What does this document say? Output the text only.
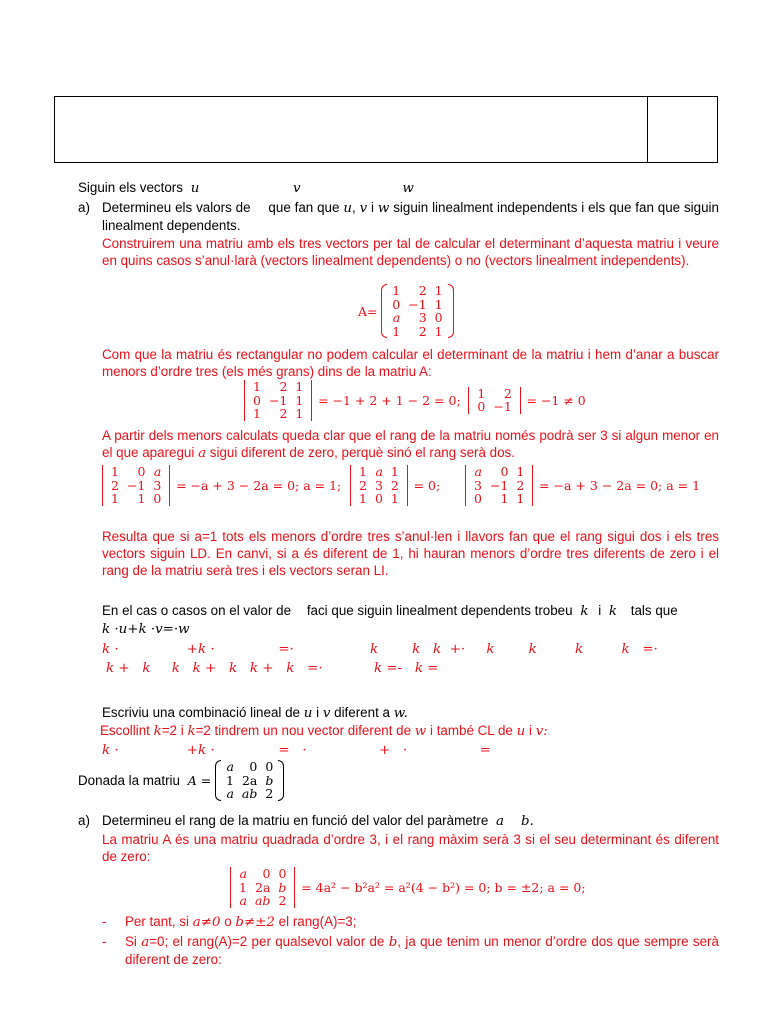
Siguin els vectors u	v	w
a) Determineu els valors de que fan que u, v i w siguin linealment independents i els que fan que siguin linealment dependents.
Construirem una matriu amb els tres vectors per tal de calcular el determinant d’aquesta matriu i veure en quins casos s’anul·larà (vectors linealment dependents) o no (vectors linealment independents).
A=
1	2	1
0	−1	1
a	3	0
1	2	1
Com que la matriu és rectangular no podem calcular el determinant de la matriu i hem d’anar a buscar menors d’ordre tres (els més grans) dins de la matriu A:
1	2	1
0	−1	1
1	2	1
= −1 + 2 + 1 − 2 = 0; 1	2
0	−1 = −1 ≠ 0
A partir dels menors calculats queda clar que el rang de la matriu només podrà ser 3 si algun menor en el que aparegui a sigui diferent de zero, perquè sinó el rang serà dos.
1	0	a
2	−1	3
1	1	0
= −a + 3 − 2a = 0; a = 1;
1	a	1
2	3	2
1	0	1
= 0;
a	0	1
3	−1	2
0	1	1
= −a + 3 − 2a = 0; a = 1
Resulta que si a=1 tots els menors d’ordre tres s’anul·len i llavors fan que el rang sigui dos i els tres vectors siguin LD. En canvi, si a és diferent de 1, hi hauran menors d’ordre tres diferents de zero i el rang de la matriu serà tres i els vectors seran LI.
En el cas o casos on el valor de faci que siguin linealment dependents trobeu k i k tals que
k ·u+k ·v=·w
k ·                +k ·               =·	k        k   k  +·     k        k         k         k   =·
k +   k     k   k +   k   k +   k   =·	k =-   k =
Escriviu una combinació lineal de u i v diferent a w.
Escollint k=2 i k=2 tindrem un nou vector diferent de w i també CL de u i v:
k ·                +k ·               =   ·                 +   ·                 =
Donada la matriu A =
a	0	0
1	2a	b
a	ab	2
a) Determineu el rang de la matriu en funció del valor del paràmetre a    b.
La matriu A és una matriu quadrada d’ordre 3, i el rang màxim serà 3 si el seu determinant és diferent de zero:
a	0	0
1	2a	b
a	ab	2
= 4a² − b²a² = a²(4 − b²) = 0; b = ±2; a = 0;
- Per tant, si a≠0 o b≠±2 el rang(A)=3;
- Si a=0; el rang(A)=2 per qualsevol valor de b, ja que tenim un menor d’ordre dos que sempre serà diferent de zero:
